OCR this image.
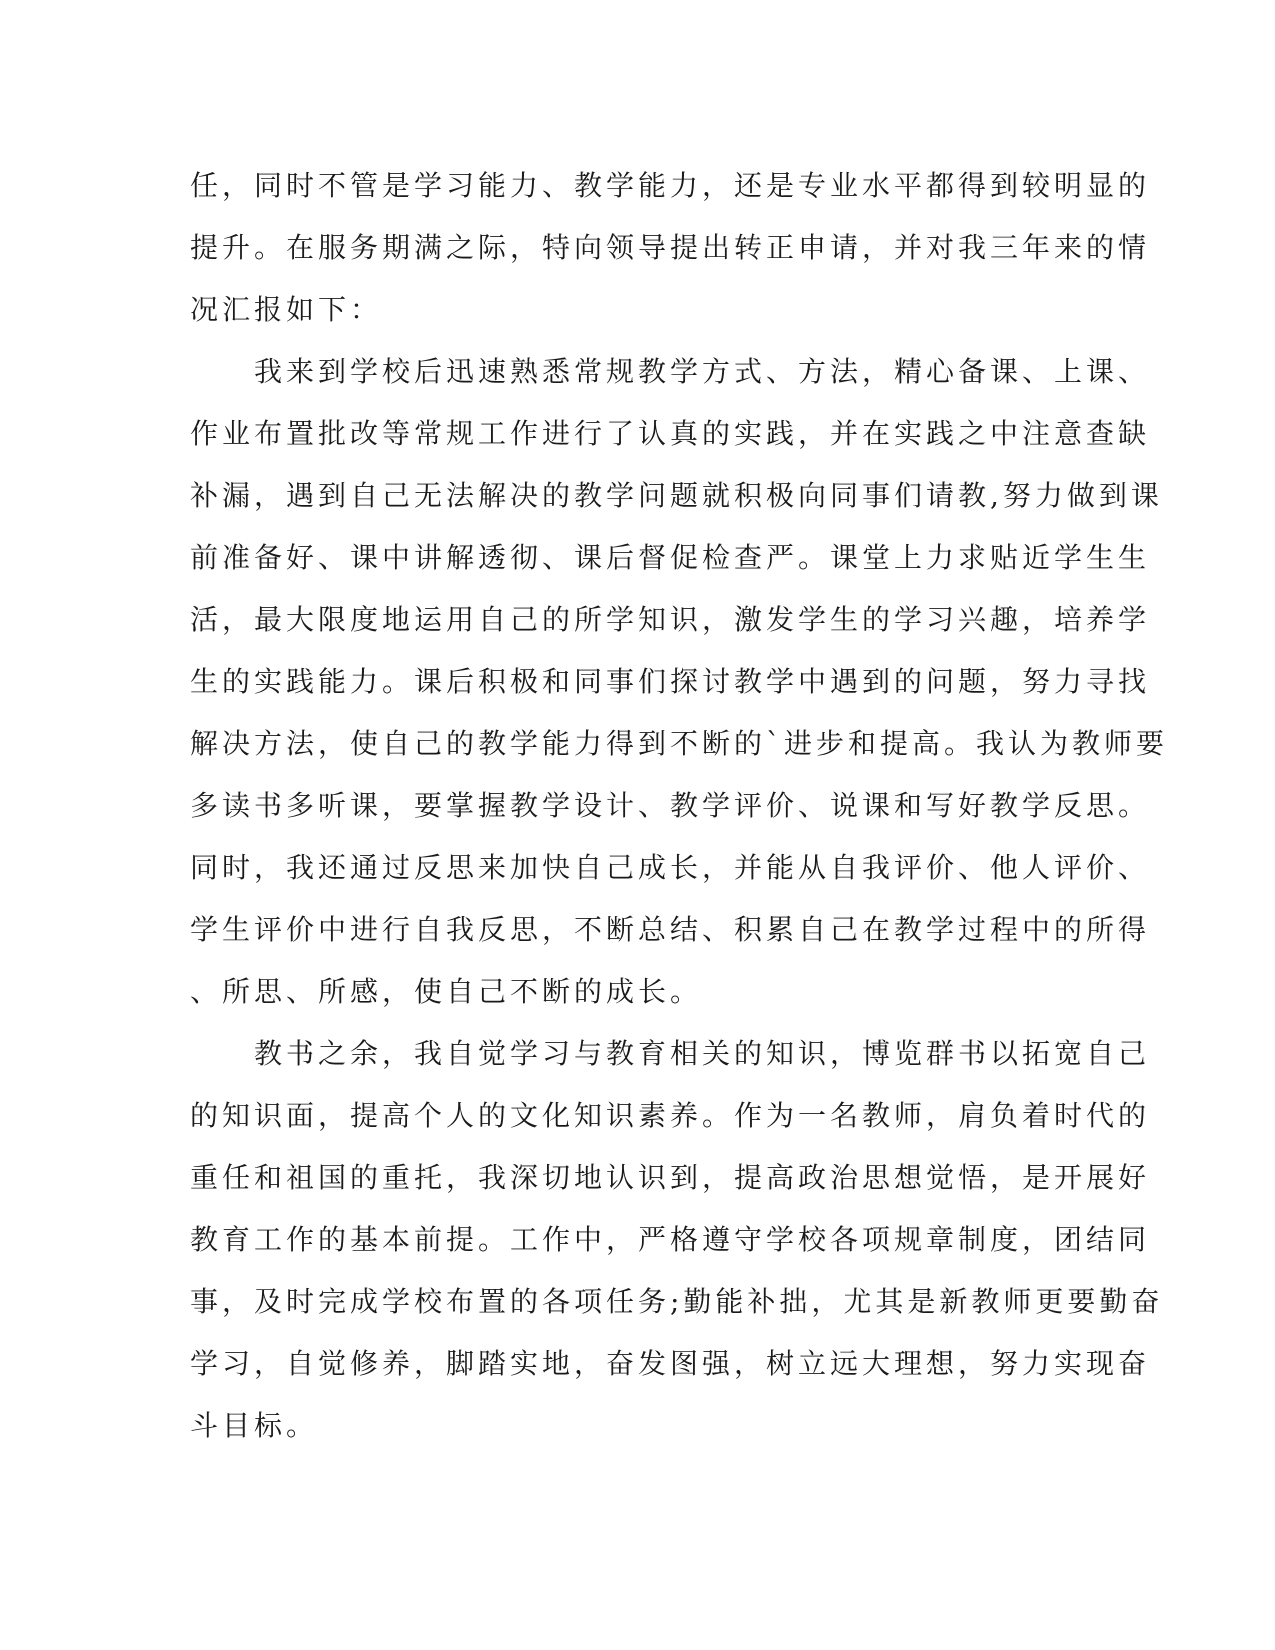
任，同时不管是学习能力、教学能力，还是专业水平都得到较明显的
提升。在服务期满之际，特向领导提出转正申请，并对我三年来的情
况汇报如下：
　　我来到学校后迅速熟悉常规教学方式、方法，精心备课、上课、
作业布置批改等常规工作进行了认真的实践，并在实践之中注意查缺
补漏，遇到自己无法解决的教学问题就积极向同事们请教,努力做到课
前准备好、课中讲解透彻、课后督促检查严。课堂上力求贴近学生生
活，最大限度地运用自己的所学知识，激发学生的学习兴趣，培养学
生的实践能力。课后积极和同事们探讨教学中遇到的问题，努力寻找
解决方法，使自己的教学能力得到不断的`进步和提高。我认为教师要
多读书多听课，要掌握教学设计、教学评价、说课和写好教学反思。
同时，我还通过反思来加快自己成长，并能从自我评价、他人评价、
学生评价中进行自我反思，不断总结、积累自己在教学过程中的所得
、所思、所感，使自己不断的成长。
　　教书之余，我自觉学习与教育相关的知识，博览群书以拓宽自己
的知识面，提高个人的文化知识素养。作为一名教师，肩负着时代的
重任和祖国的重托，我深切地认识到，提高政治思想觉悟，是开展好
教育工作的基本前提。工作中，严格遵守学校各项规章制度，团结同
事，及时完成学校布置的各项任务;勤能补拙，尤其是新教师更要勤奋
学习，自觉修养，脚踏实地，奋发图强，树立远大理想，努力实现奋
斗目标。
